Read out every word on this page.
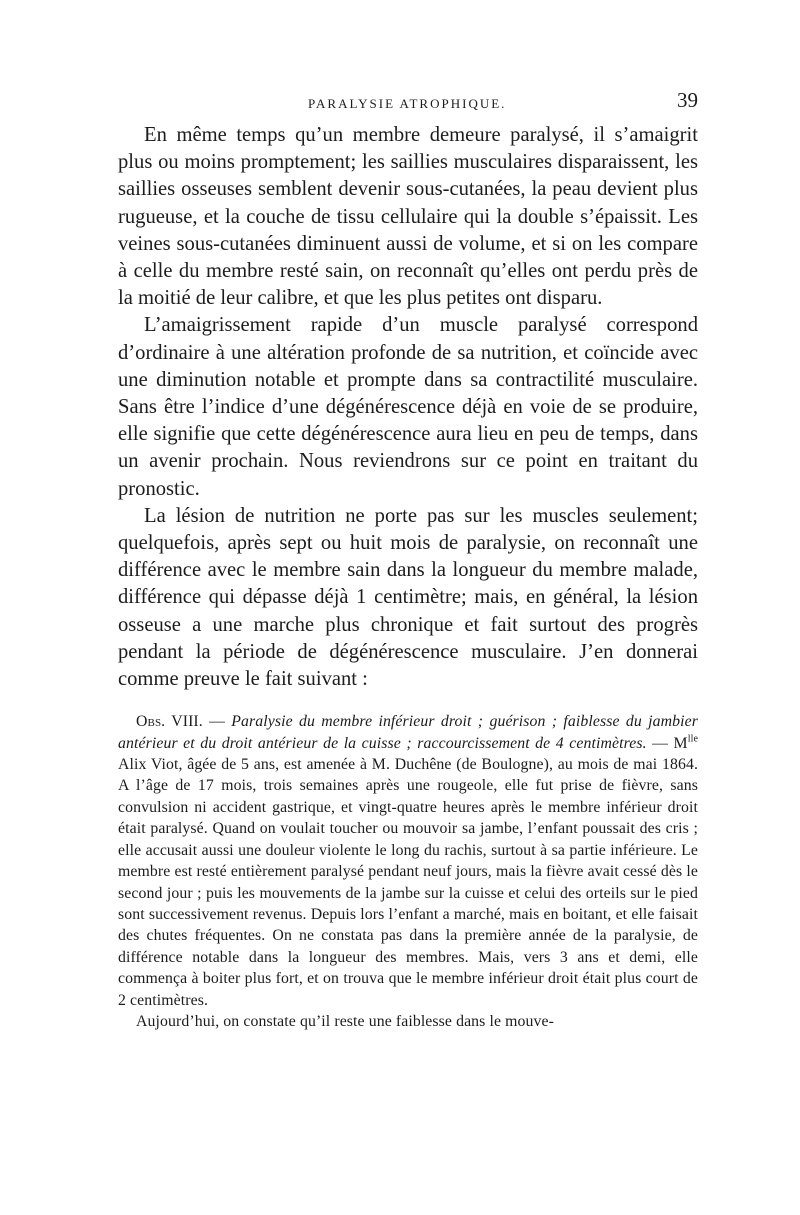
PARALYSIE ATROPHIQUE.	39

En même temps qu’un membre demeure paralysé, il s’amaigrit plus ou moins promptement; les saillies musculaires disparaissent, les saillies osseuses semblent devenir sous-cutanées, la peau devient plus rugueuse, et la couche de tissu cellulaire qui la double s’épaissit. Les veines sous-cutanées diminuent aussi de volume, et si on les compare à celle du membre resté sain, on reconnaît qu’elles ont perdu près de la moitié de leur calibre, et que les plus petites ont disparu.

L’amaigrissement rapide d’un muscle paralysé correspond d’ordinaire à une altération profonde de sa nutrition, et coïncide avec une diminution notable et prompte dans sa contractilité musculaire. Sans être l’indice d’une dégénérescence déjà en voie de se produire, elle signifie que cette dégénérescence aura lieu en peu de temps, dans un avenir prochain. Nous reviendrons sur ce point en traitant du pronostic.

La lésion de nutrition ne porte pas sur les muscles seulement; quelquefois, après sept ou huit mois de paralysie, on reconnaît une différence avec le membre sain dans la longueur du membre malade, différence qui dépasse déjà 1 centimètre; mais, en général, la lésion osseuse a une marche plus chronique et fait surtout des progrès pendant la période de dégénérescence musculaire. J’en donnerai comme preuve le fait suivant :

Obs. VIII. — Paralysie du membre inférieur droit ; guérison ; faiblesse du jambier antérieur et du droit antérieur de la cuisse ; raccourcissement de 4 centimètres. — $M^{lle}$ Alix Viot, âgée de 5 ans, est amenée à M. Duchêne (de Boulogne), au mois de mai 1864. A l’âge de 17 mois, trois semaines après une rougeole, elle fut prise de fièvre, sans convulsion ni accident gastrique, et vingt-quatre heures après le membre inférieur droit était paralysé. Quand on voulait toucher ou mouvoir sa jambe, l’enfant poussait des cris ; elle accusait aussi une douleur violente le long du rachis, surtout à sa partie inférieure. Le membre est resté entièrement paralysé pendant neuf jours, mais la fièvre avait cessé dès le second jour ; puis les mouvements de la jambe sur la cuisse et celui des orteils sur le pied sont successivement revenus. Depuis lors l’enfant a marché, mais en boitant, et elle faisait des chutes fréquentes. On ne constata pas dans la première année de la paralysie, de différence notable dans la longueur des membres. Mais, vers 3 ans et demi, elle commença à boiter plus fort, et on trouva que le membre inférieur droit était plus court de 2 centimètres.

Aujourd’hui, on constate qu’il reste une faiblesse dans le mouve-
